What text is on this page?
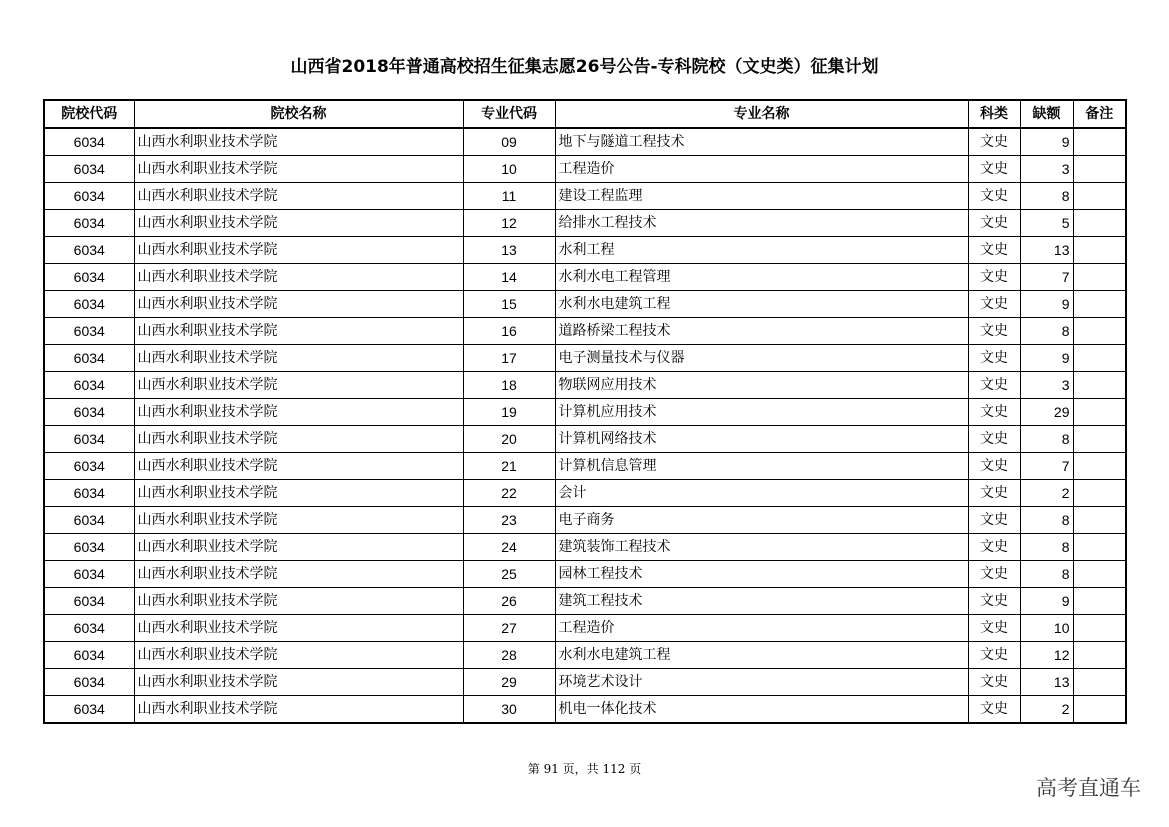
山西省2018年普通高校招生征集志愿26号公告-专科院校（文史类）征集计划
院校代码	院校名称	专业代码	专业名称	科类	缺额	备注
6034	山西水利职业技术学院	09	地下与隧道工程技术	文史	9	
6034	山西水利职业技术学院	10	工程造价	文史	3	
6034	山西水利职业技术学院	11	建设工程监理	文史	8	
6034	山西水利职业技术学院	12	给排水工程技术	文史	5	
6034	山西水利职业技术学院	13	水利工程	文史	13	
6034	山西水利职业技术学院	14	水利水电工程管理	文史	7	
6034	山西水利职业技术学院	15	水利水电建筑工程	文史	9	
6034	山西水利职业技术学院	16	道路桥梁工程技术	文史	8	
6034	山西水利职业技术学院	17	电子测量技术与仪器	文史	9	
6034	山西水利职业技术学院	18	物联网应用技术	文史	3	
6034	山西水利职业技术学院	19	计算机应用技术	文史	29	
6034	山西水利职业技术学院	20	计算机网络技术	文史	8	
6034	山西水利职业技术学院	21	计算机信息管理	文史	7	
6034	山西水利职业技术学院	22	会计	文史	2	
6034	山西水利职业技术学院	23	电子商务	文史	8	
6034	山西水利职业技术学院	24	建筑装饰工程技术	文史	8	
6034	山西水利职业技术学院	25	园林工程技术	文史	8	
6034	山西水利职业技术学院	26	建筑工程技术	文史	9	
6034	山西水利职业技术学院	27	工程造价	文史	10	
6034	山西水利职业技术学院	28	水利水电建筑工程	文史	12	
6034	山西水利职业技术学院	29	环境艺术设计	文史	13	
6034	山西水利职业技术学院	30	机电一体化技术	文史	2	
第 91 页，共 112 页
高考直通车
